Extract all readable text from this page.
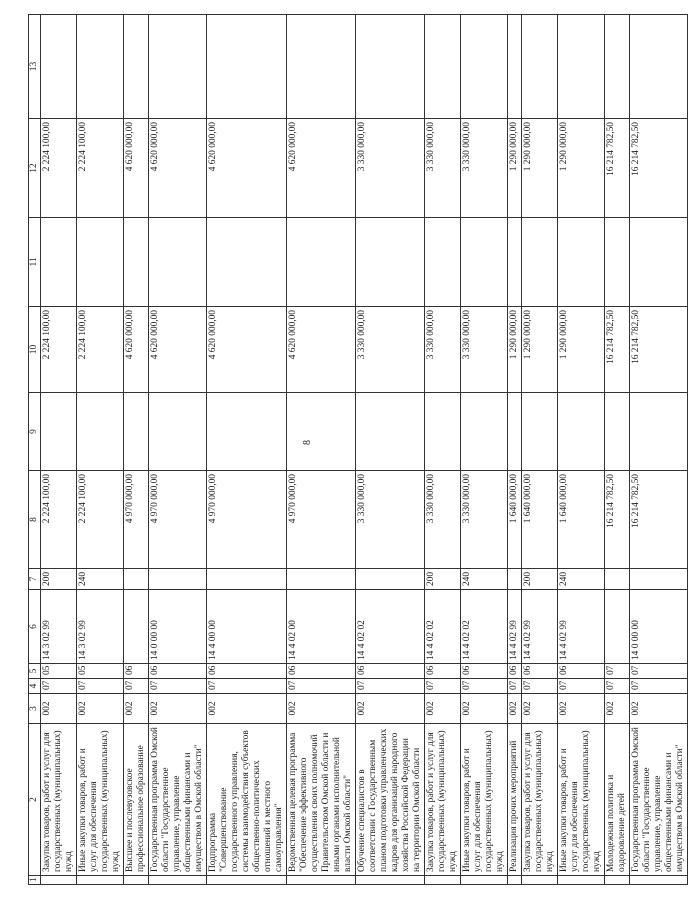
8
1	2	3	4	5	6	7	8	9	10	11	12	13
	Закупка товаров, работ и услуг для государственных (муниципальных) нужд	002	07	05	14 3 02 99	200	2 224 100,00		2 224 100,00		2 224 100,00	
	Иные закупки товаров, работ и услуг для обеспечения государственных (муниципальных) нужд	002	07	05	14 3 02 99	240	2 224 100,00		2 224 100,00		2 224 100,00	
	Высшее и послевузовское профессиональное образование	002	07	06			4 970 000,00		4 620 000,00		4 620 000,00	
	Государственная программа Омской области "Государственное управление, управление общественными финансами и имуществом в Омской области"	002	07	06	14 0 00 00		4 970 000,00		4 620 000,00		4 620 000,00	
	Подпрограмма "Совершенствование государственного управления, системы взаимодействия субъектов общественно-политических отношений и местного самоуправления"	002	07	06	14 4 00 00		4 970 000,00		4 620 000,00		4 620 000,00	
	Ведомственная целевая программа "Обеспечение эффективного осуществления своих полномочий Правительством Омской области и иными органами исполнительной власти Омской области"	002	07	06	14 4 02 00		4 970 000,00		4 620 000,00		4 620 000,00	
	Обучение специалистов в соответствии с Государственным планом подготовки управленческих кадров для организаций народного хозяйства Российской Федерации на территории Омской области	002	07	06	14 4 02 02		3 330 000,00		3 330 000,00		3 330 000,00	
	Закупка товаров, работ и услуг для государственных (муниципальных) нужд	002	07	06	14 4 02 02	200	3 330 000,00		3 330 000,00		3 330 000,00	
	Иные закупки товаров, работ и услуг для обеспечения государственных (муниципальных) нужд	002	07	06	14 4 02 02	240	3 330 000,00		3 330 000,00		3 330 000,00	
	Реализация прочих мероприятий	002	07	06	14 4 02 99		1 640 000,00		1 290 000,00		1 290 000,00	
	Закупка товаров, работ и услуг для государственных (муниципальных) нужд	002	07	06	14 4 02 99	200	1 640 000,00		1 290 000,00		1 290 000,00	
	Иные закупки товаров, работ и услуг для обеспечения государственных (муниципальных) нужд	002	07	06	14 4 02 99	240	1 640 000,00		1 290 000,00		1 290 000,00	
	Молодежная политика и оздоровление детей	002	07	07			16 214 782,50		16 214 782,50		16 214 782,50	
	Государственная программа Омской области "Государственное управление, управление общественными финансами и имуществом в Омской области"	002	07	07	14 0 00 00		16 214 782,50		16 214 782,50		16 214 782,50	
